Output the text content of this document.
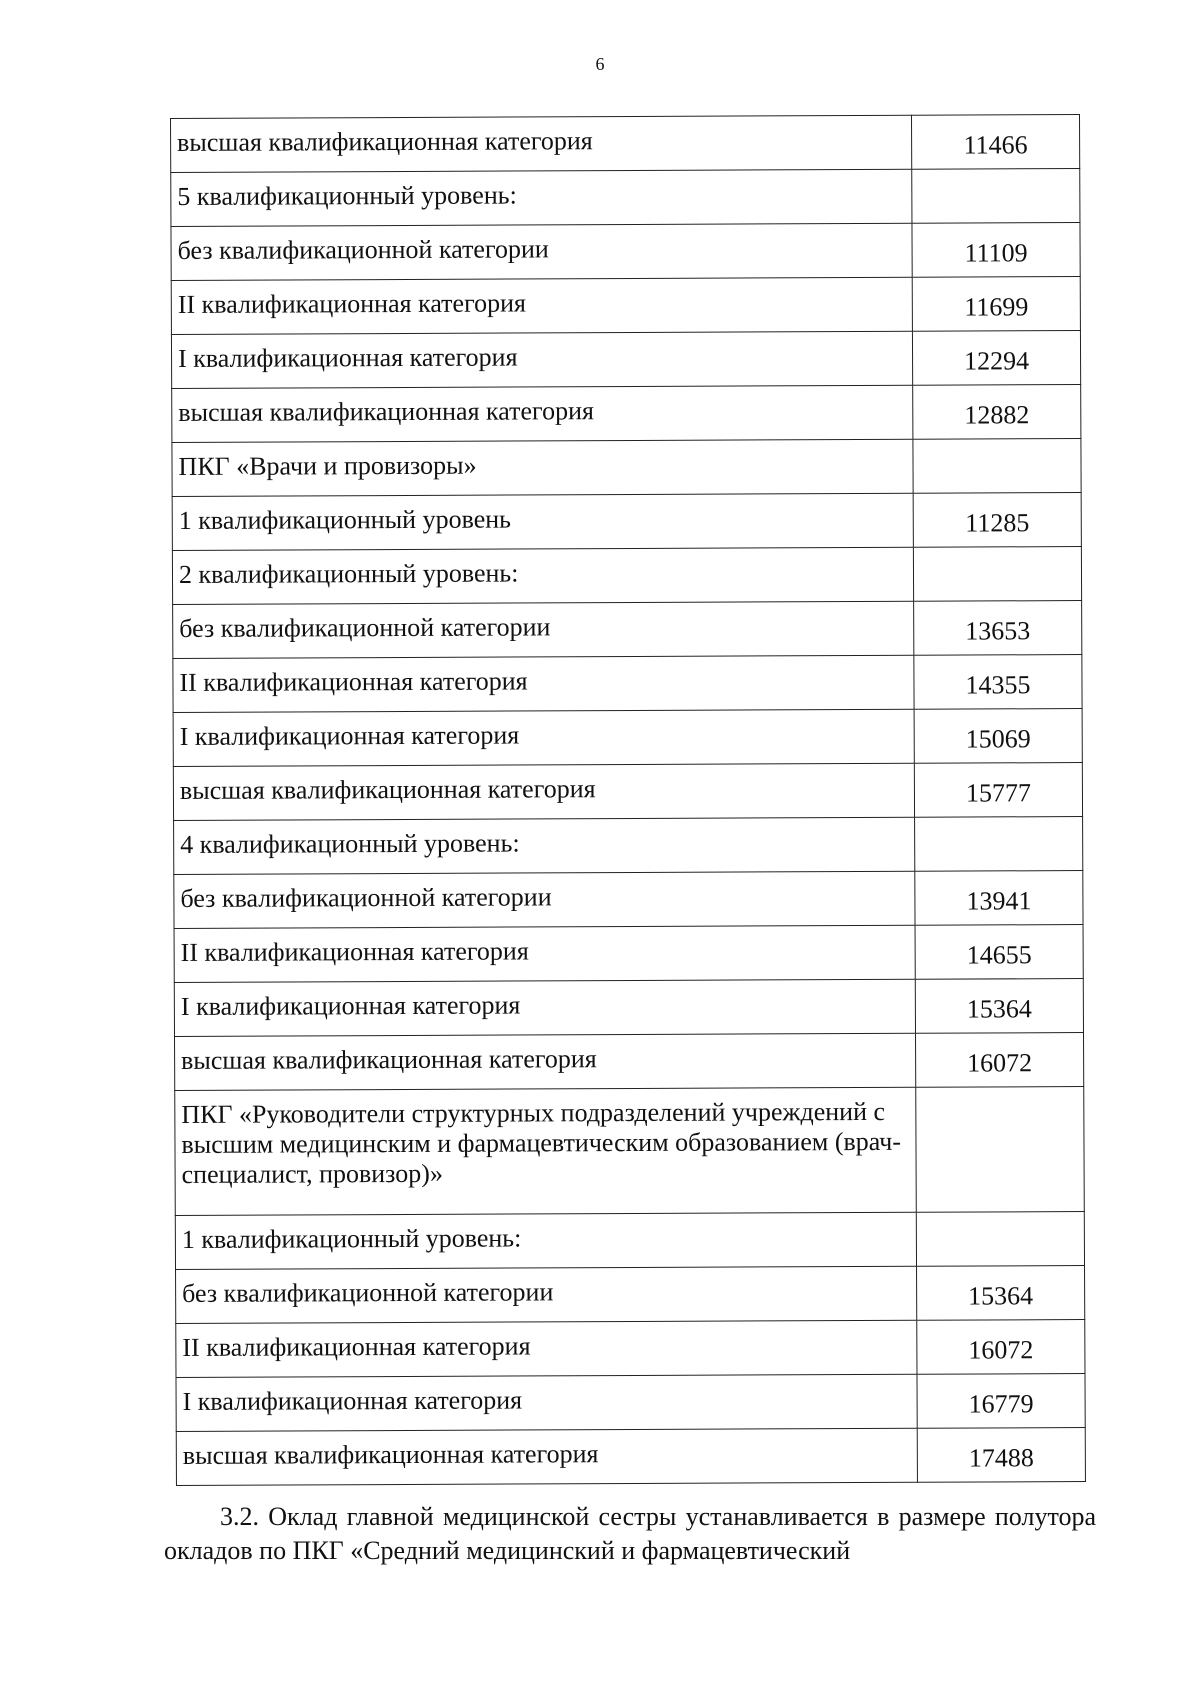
6
высшая квалификационная категория	11466
5 квалификационный уровень:	
без квалификационной категории	11109
II квалификационная категория	11699
I квалификационная категория	12294
высшая квалификационная категория	12882
ПКГ «Врачи и провизоры»	
1 квалификационный уровень	11285
2 квалификационный уровень:	
без квалификационной категории	13653
II квалификационная категория	14355
I квалификационная категория	15069
высшая квалификационная категория	15777
4 квалификационный уровень:	
без квалификационной категории	13941
II квалификационная категория	14655
I квалификационная категория	15364
высшая квалификационная категория	16072
ПКГ «Руководители структурных подразделений учреждений с высшим медицинским и фармацевтическим образованием (врач-специалист, провизор)»	
1 квалификационный уровень:	
без квалификационной категории	15364
II квалификационная категория	16072
I квалификационная категория	16779
высшая квалификационная категория	17488

3.2. Оклад главной медицинской сестры устанавливается в размере полутора окладов по ПКГ «Средний медицинский и фармацевтический
